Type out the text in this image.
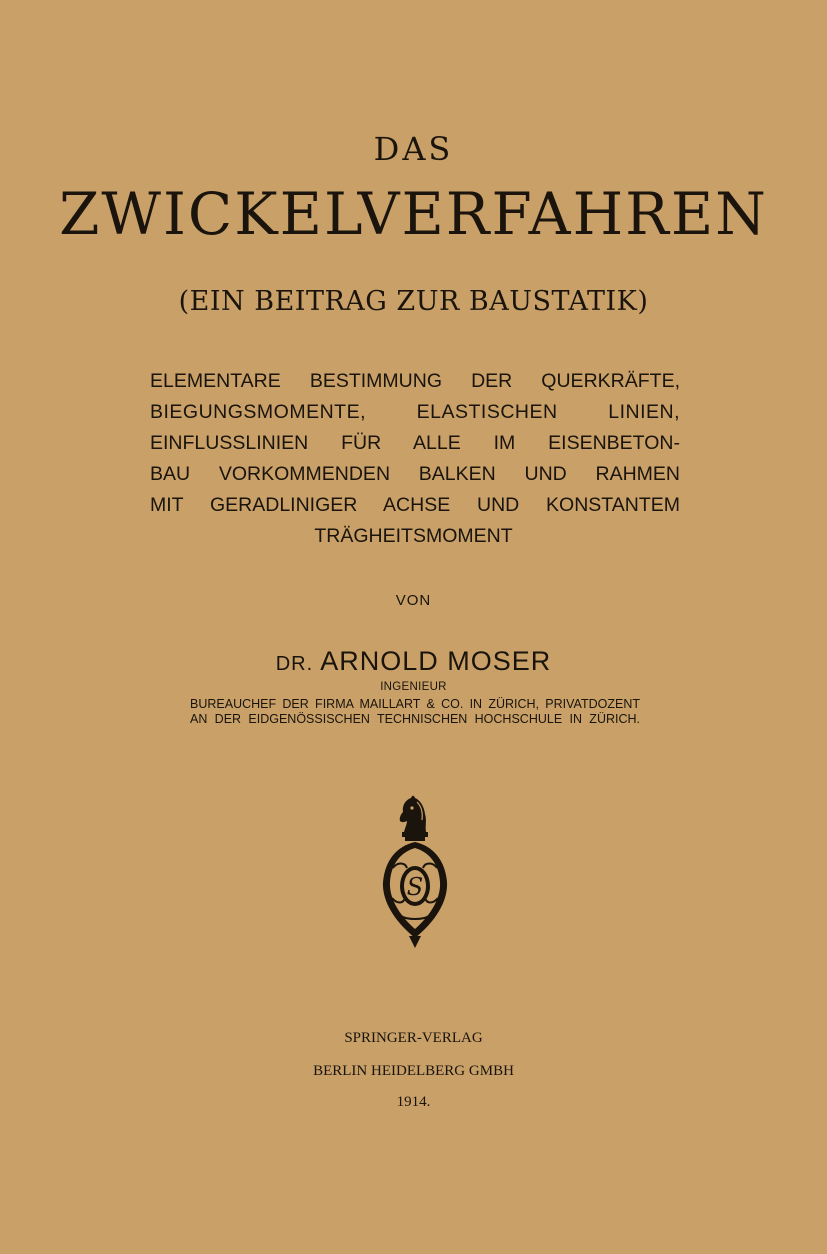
DAS
ZWICKELVERFAHREN
(EIN BEITRAG ZUR BAUSTATIK)
ELEMENTARE BESTIMMUNG DER QUERKRÄFTE,
BIEGUNGSMOMENTE, ELASTISCHEN LINIEN,
EINFLUSSLINIEN FÜR ALLE IM EISENBETON-
BAU VORKOMMENDEN BALKEN UND RAHMEN
MIT GERADLINIGER ACHSE UND KONSTANTEM
TRÄGHEITSMOMENT
VON
DR. ARNOLD MOSER
INGENIEUR
BUREAUCHEF DER FIRMA MAILLART & CO. IN ZÜRICH, PRIVATDOZENT
AN DER EIDGENÖSSISCHEN TECHNISCHEN HOCHSCHULE IN ZÜRICH.
S
SPRINGER-VERLAG
BERLIN HEIDELBERG GMBH
1914.
